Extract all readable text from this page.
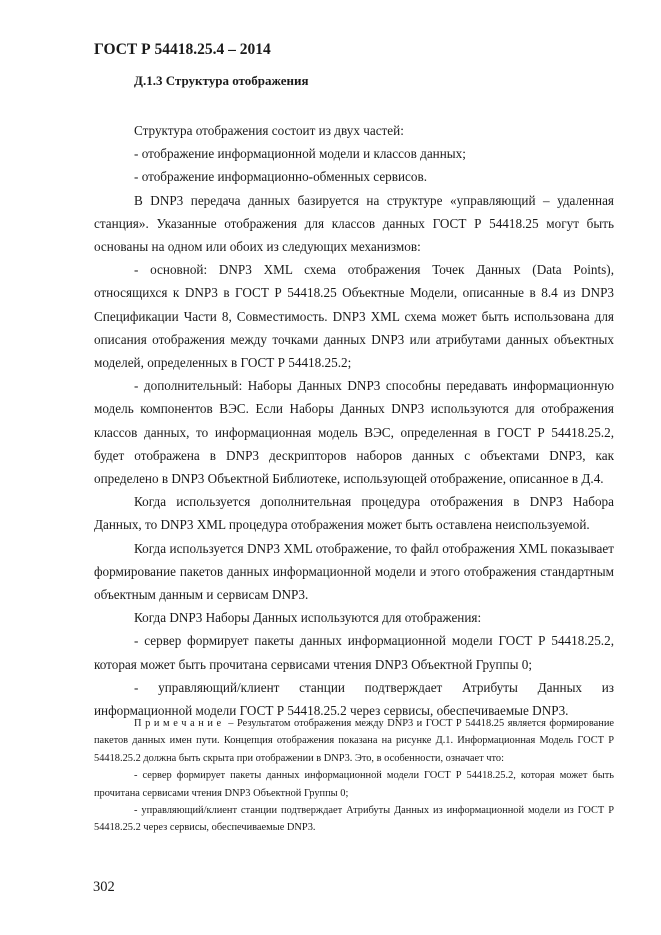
ГОСТ Р 54418.25.4 – 2014
Д.1.3 Структура отображения

Структура отображения состоит из двух частей:

- отображение информационной модели и классов данных;

- отображение информационно-обменных сервисов.

В DNP3 передача данных базируется на структуре «управляющий – удаленная станция». Указанные отображения для классов данных ГОСТ Р 54418.25 могут быть основаны на одном или обоих из следующих механизмов:

- основной: DNP3 XML схема отображения Точек Данных (Data Points), относящихся к DNP3 в ГОСТ Р 54418.25 Объектные Модели, описанные в 8.4 из DNP3 Спецификации Части 8, Совместимость. DNP3 XML схема может быть использована для описания отображения между точками данных DNP3 или атрибутами данных объектных моделей, определенных в ГОСТ Р 54418.25.2;

- дополнительный: Наборы Данных DNP3 способны передавать информационную модель компонентов ВЭС. Если Наборы Данных DNP3 используются для отображения классов данных, то информационная модель ВЭС, определенная в ГОСТ Р 54418.25.2, будет отображена в DNP3 дескрипторов наборов данных с объектами DNP3, как определено в DNP3 Объектной Библиотеке, использующей отображение, описанное в Д.4.

Когда используется дополнительная процедура отображения в DNP3 Набора Данных, то DNP3 XML процедура отображения может быть оставлена неиспользуемой.

Когда используется DNP3 XML отображение, то файл отображения XML показывает формирование пакетов данных информационной модели и этого отображения стандартным объектным данным и сервисам DNP3.

Когда DNP3 Наборы Данных используются для отображения:

- сервер формирует пакеты данных информационной модели ГОСТ Р 54418.25.2, которая может быть прочитана сервисами чтения DNP3 Объектной Группы 0;

- управляющий/клиент станции подтверждает Атрибуты Данных из информационной модели ГОСТ Р 54418.25.2 через сервисы, обеспечиваемые DNP3.

Примечание – Результатом отображения между DNP3 и ГОСТ Р 54418.25 является формирование пакетов данных имен пути. Концепция отображения показана на рисунке Д.1. Информационная Модель ГОСТ Р 54418.25.2 должна быть скрыта при отображении в DNP3. Это, в особенности, означает что:

- сервер формирует пакеты данных информационной модели ГОСТ Р 54418.25.2, которая может быть прочитана сервисами чтения DNP3 Объектной Группы 0;

- управляющий/клиент станции подтверждает Атрибуты Данных из информационной модели из ГОСТ Р 54418.25.2 через сервисы, обеспечиваемые DNP3.

302
